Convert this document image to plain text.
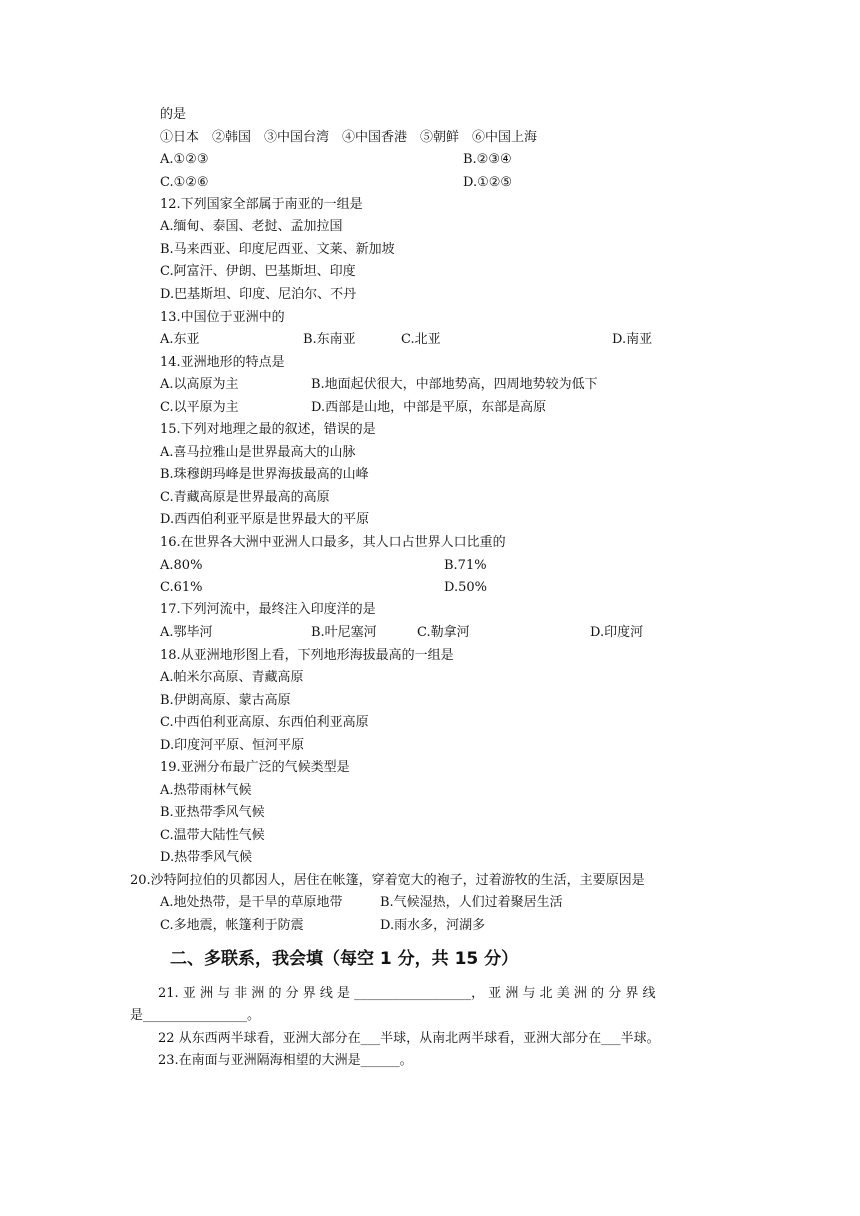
的是
①日本　②韩国　③中国台湾　④中国香港　⑤朝鲜　⑥中国上海
A.①②③	B.②③④
C.①②⑥	D.①②⑤
12.下列国家全部属于南亚的一组是
A.缅甸、泰国、老挝、孟加拉国
B.马来西亚、印度尼西亚、文莱、新加坡
C.阿富汗、伊朗、巴基斯坦、印度
D.巴基斯坦、印度、尼泊尔、不丹
13.中国位于亚洲中的
A.东亚	B.东南亚	C.北亚	D.南亚
14.亚洲地形的特点是
A.以高原为主	B.地面起伏很大，中部地势高，四周地势较为低下
C.以平原为主	D.西部是山地，中部是平原，东部是高原
15.下列对地理之最的叙述，错误的是
A.喜马拉雅山是世界最高大的山脉
B.珠穆朗玛峰是世界海拔最高的山峰
C.青藏高原是世界最高的高原
D.西西伯利亚平原是世界最大的平原
16.在世界各大洲中亚洲人口最多，其人口占世界人口比重的
A.80%	B.71%
C.61%	D.50%
17.下列河流中，最终注入印度洋的是
A.鄂毕河	B.叶尼塞河	C.勒拿河	D.印度河
18.从亚洲地形图上看，下列地形海拔最高的一组是
A.帕米尔高原、青藏高原
B.伊朗高原、蒙古高原
C.中西伯利亚高原、东西伯利亚高原
D.印度河平原、恒河平原
19.亚洲分布最广泛的气候类型是
A.热带雨林气候
B.亚热带季风气候
C.温带大陆性气候
D.热带季风气候
20.沙特阿拉伯的贝都因人，居住在帐篷，穿着宽大的袍子，过着游牧的生活，主要原因是
A.地处热带，是干旱的草原地带	B.气候湿热，人们过着聚居生活
C.多地震，帐篷利于防震	D.雨水多，河湖多
二、多联系，我会填（每空 1 分，共 15 分）
21. 亚 洲 与 非 洲 的 分 界 线 是 __________________， 亚 洲 与 北 美 洲 的 分 界 线
是________________。
22 从东西两半球看，亚洲大部分在___半球，从南北两半球看，亚洲大部分在___半球。
23.在南面与亚洲隔海相望的大洲是______。
